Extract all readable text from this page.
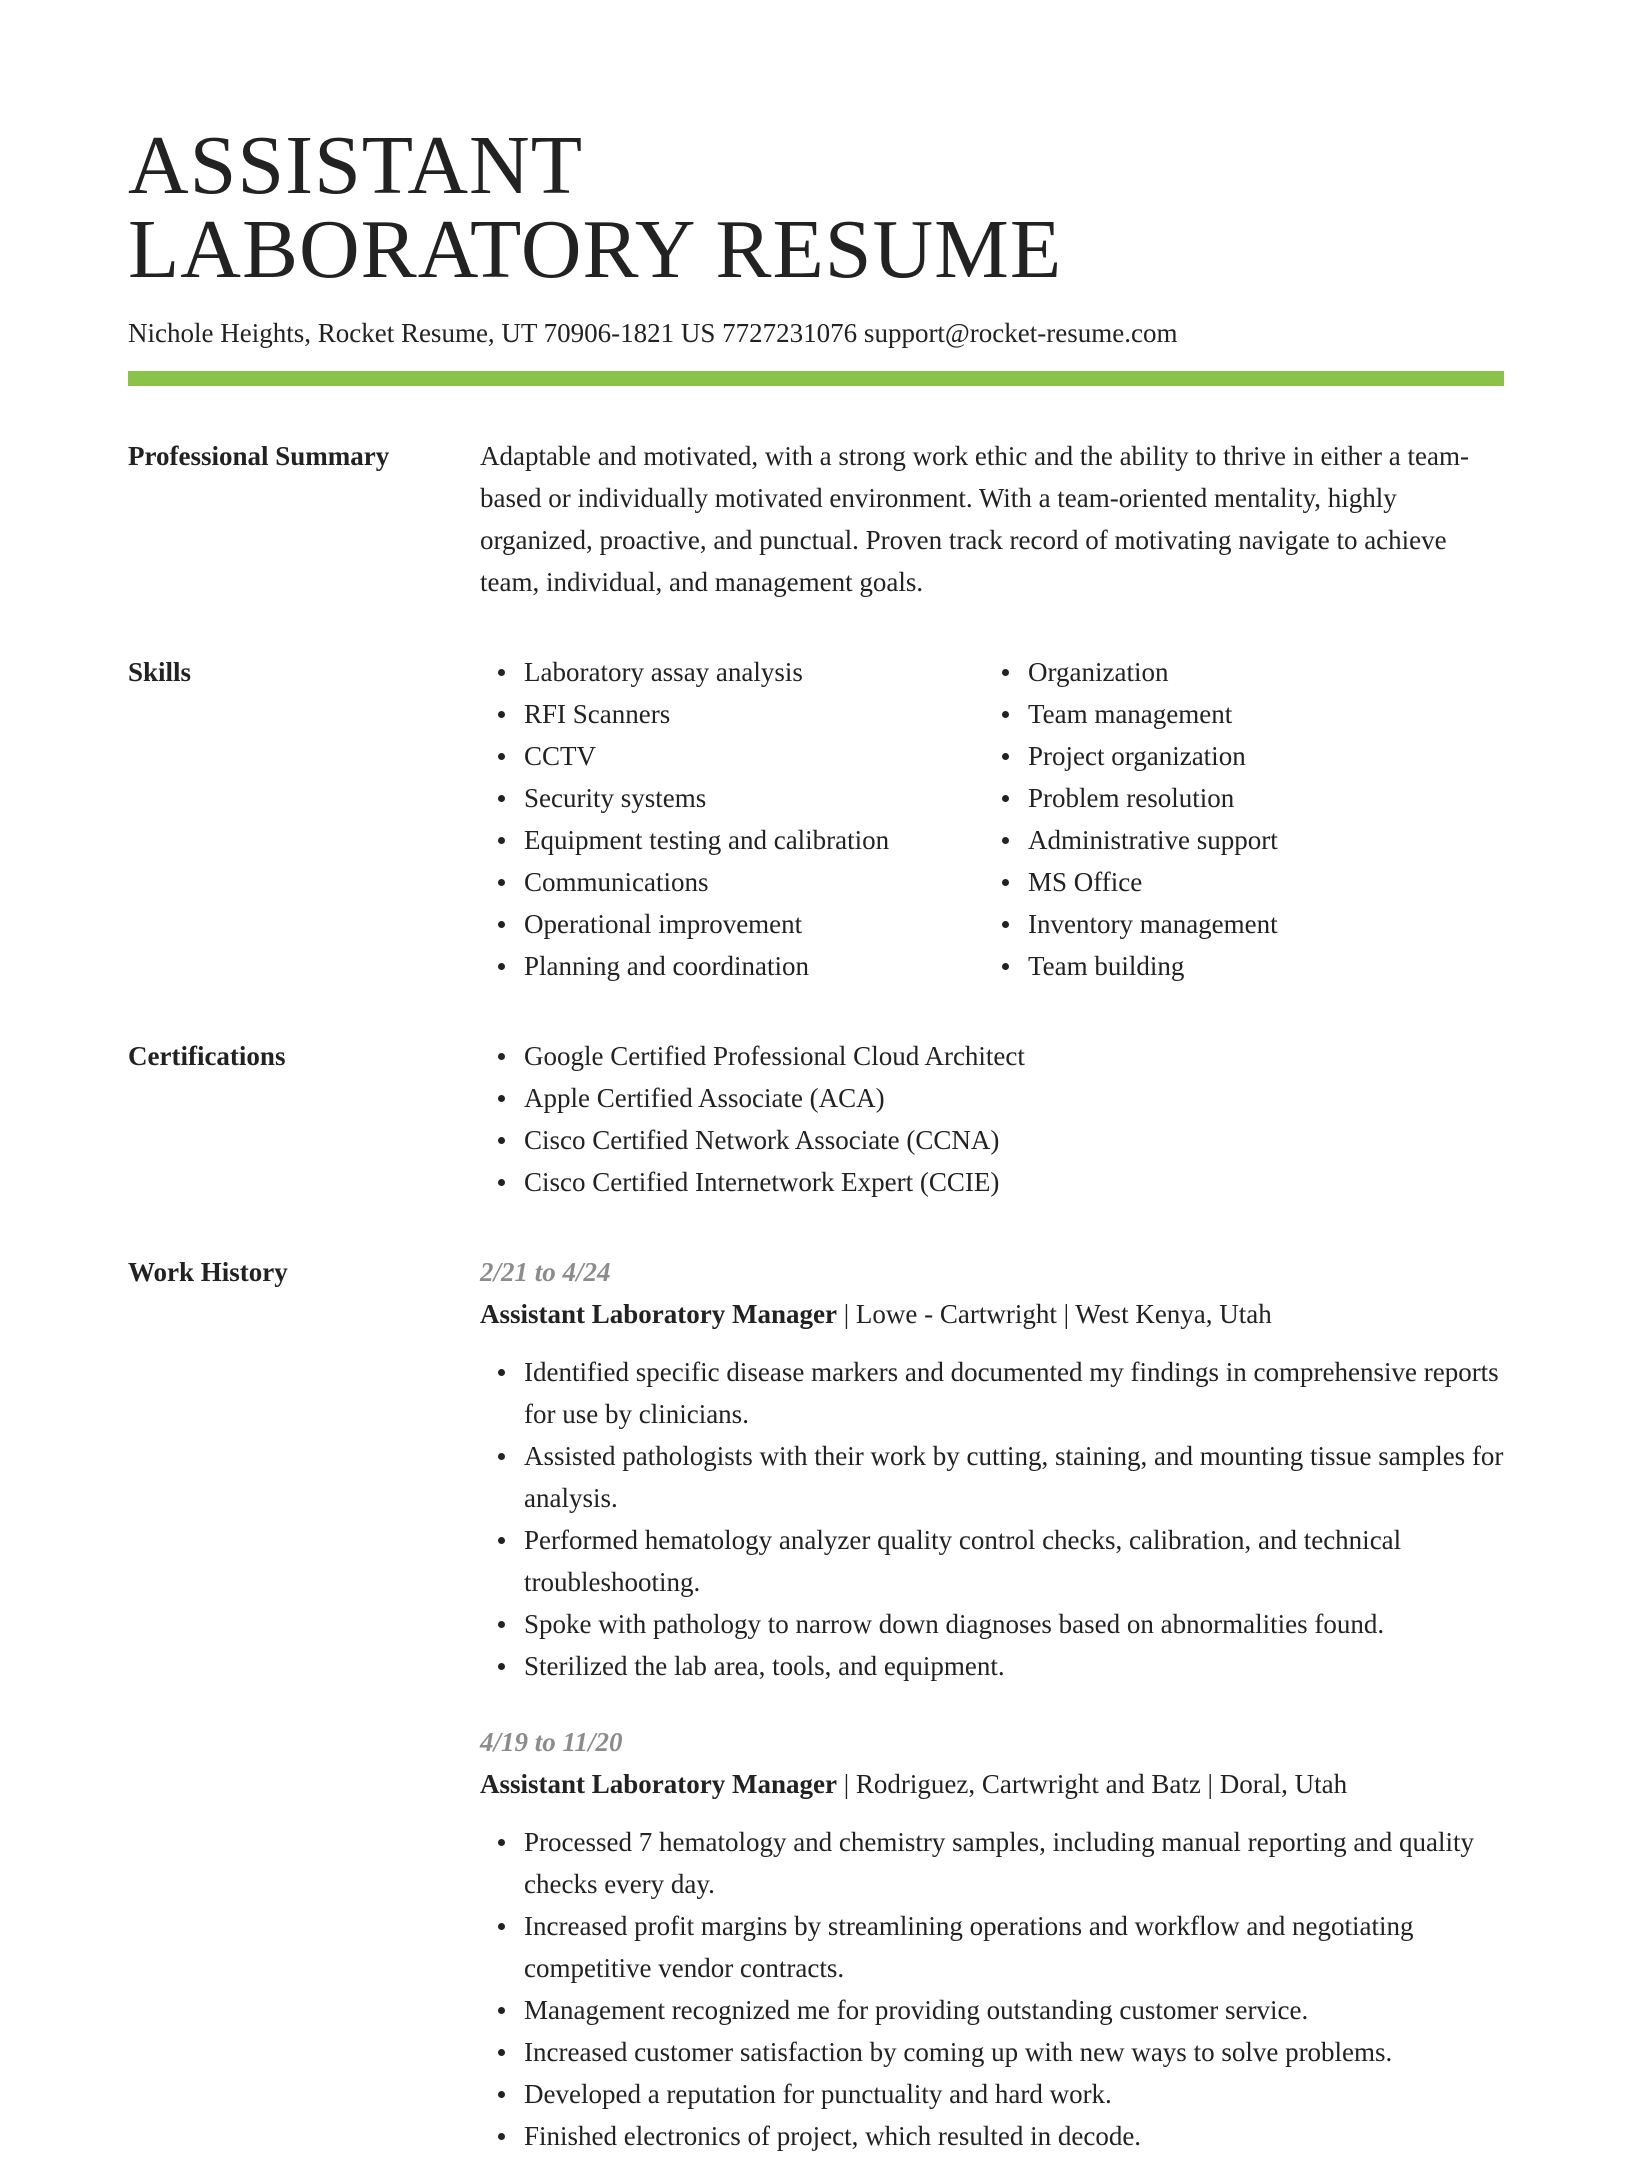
ASSISTANT
LABORATORY RESUME
Nichole Heights, Rocket Resume, UT 70906-1821 US 7727231076 support@rocket-resume.com
Professional Summary	Adaptable and motivated, with a strong work ethic and the ability to thrive in either a team-based or individually motivated environment. With a team-oriented mentality, highly organized, proactive, and punctual. Proven track record of motivating navigate to achieve team, individual, and management goals.

Skills	Laboratory assay analysis
RFI Scanners
CCTV
Security systems
Equipment testing and calibration
Communications
Operational improvement
Planning and coordination
Organization
Team management
Project organization
Problem resolution
Administrative support
MS Office
Inventory management
Team building
Certifications	Google Certified Professional Cloud Architect
Apple Certified Associate (ACA)
Cisco Certified Network Associate (CCNA)
Cisco Certified Internetwork Expert (CCIE)
Work History	2/21 to 4/24
Assistant Laboratory Manager | Lowe - Cartwright | West Kenya, Utah
Identified specific disease markers and documented my findings in comprehensive reports for use by clinicians.
Assisted pathologists with their work by cutting, staining, and mounting tissue samples for analysis.
Performed hematology analyzer quality control checks, calibration, and technical troubleshooting.
Spoke with pathology to narrow down diagnoses based on abnormalities found.
Sterilized the lab area, tools, and equipment.
4/19 to 11/20
Assistant Laboratory Manager | Rodriguez, Cartwright and Batz | Doral, Utah
Processed 7 hematology and chemistry samples, including manual reporting and quality checks every day.
Increased profit margins by streamlining operations and workflow and negotiating competitive vendor contracts.
Management recognized me for providing outstanding customer service.
Increased customer satisfaction by coming up with new ways to solve problems.
Developed a reputation for punctuality and hard work.
Finished electronics of project, which resulted in decode.
